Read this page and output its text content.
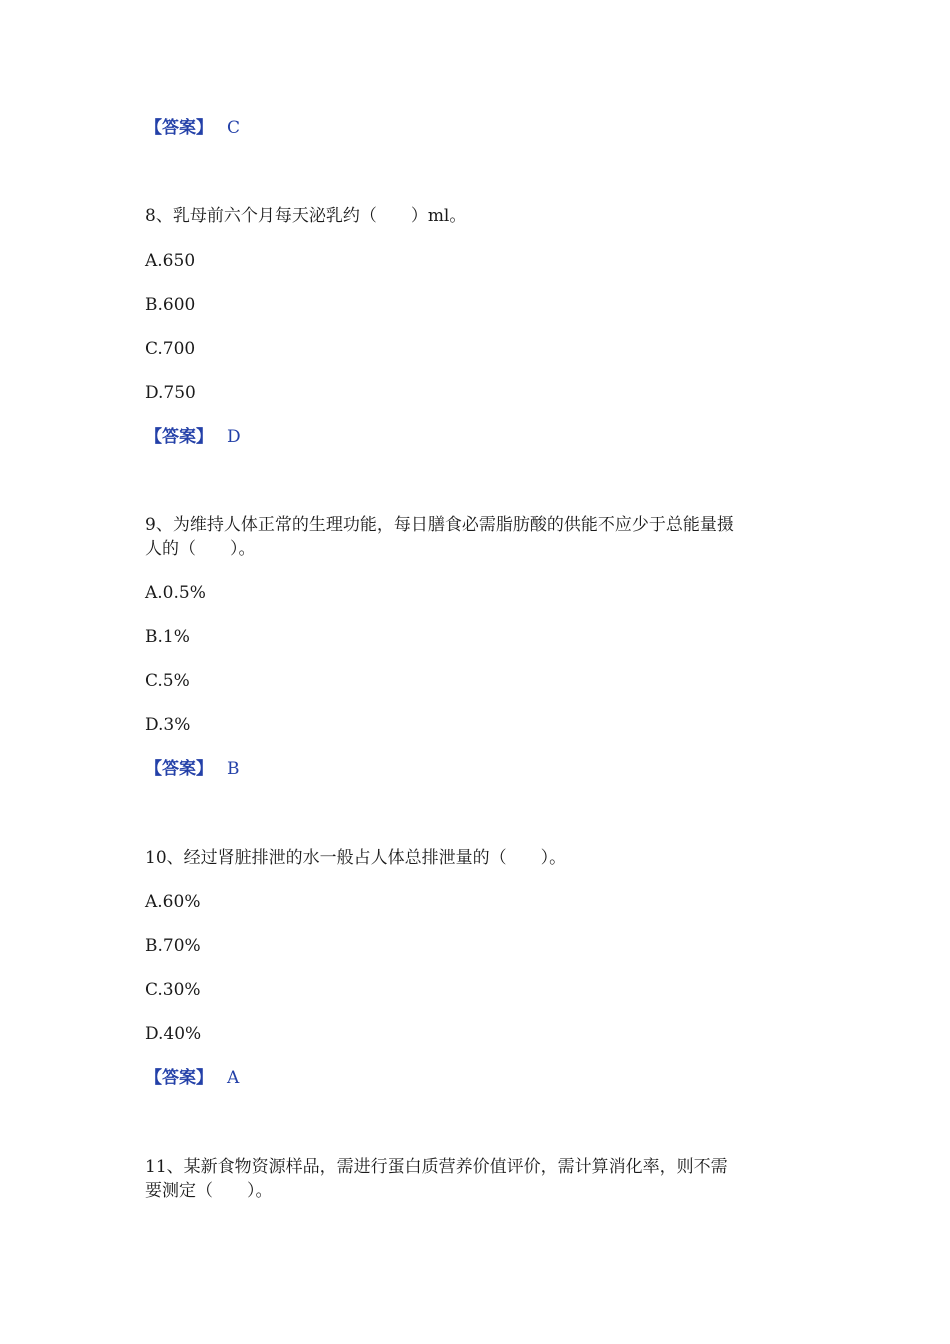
【答案】 C
8、乳母前六个月每天泌乳约（　　）ml。
A.650
B.600
C.700
D.750
【答案】 D
9、为维持人体正常的生理功能，每日膳食必需脂肪酸的供能不应少于总能量摄
人的（　　）。
A.0.5%
B.1%
C.5%
D.3%
【答案】 B
10、经过肾脏排泄的水一般占人体总排泄量的（　　）。
A.60%
B.70%
C.30%
D.40%
【答案】 A
11、某新食物资源样品，需进行蛋白质营养价值评价，需计算消化率，则不需
要测定（　　）。
